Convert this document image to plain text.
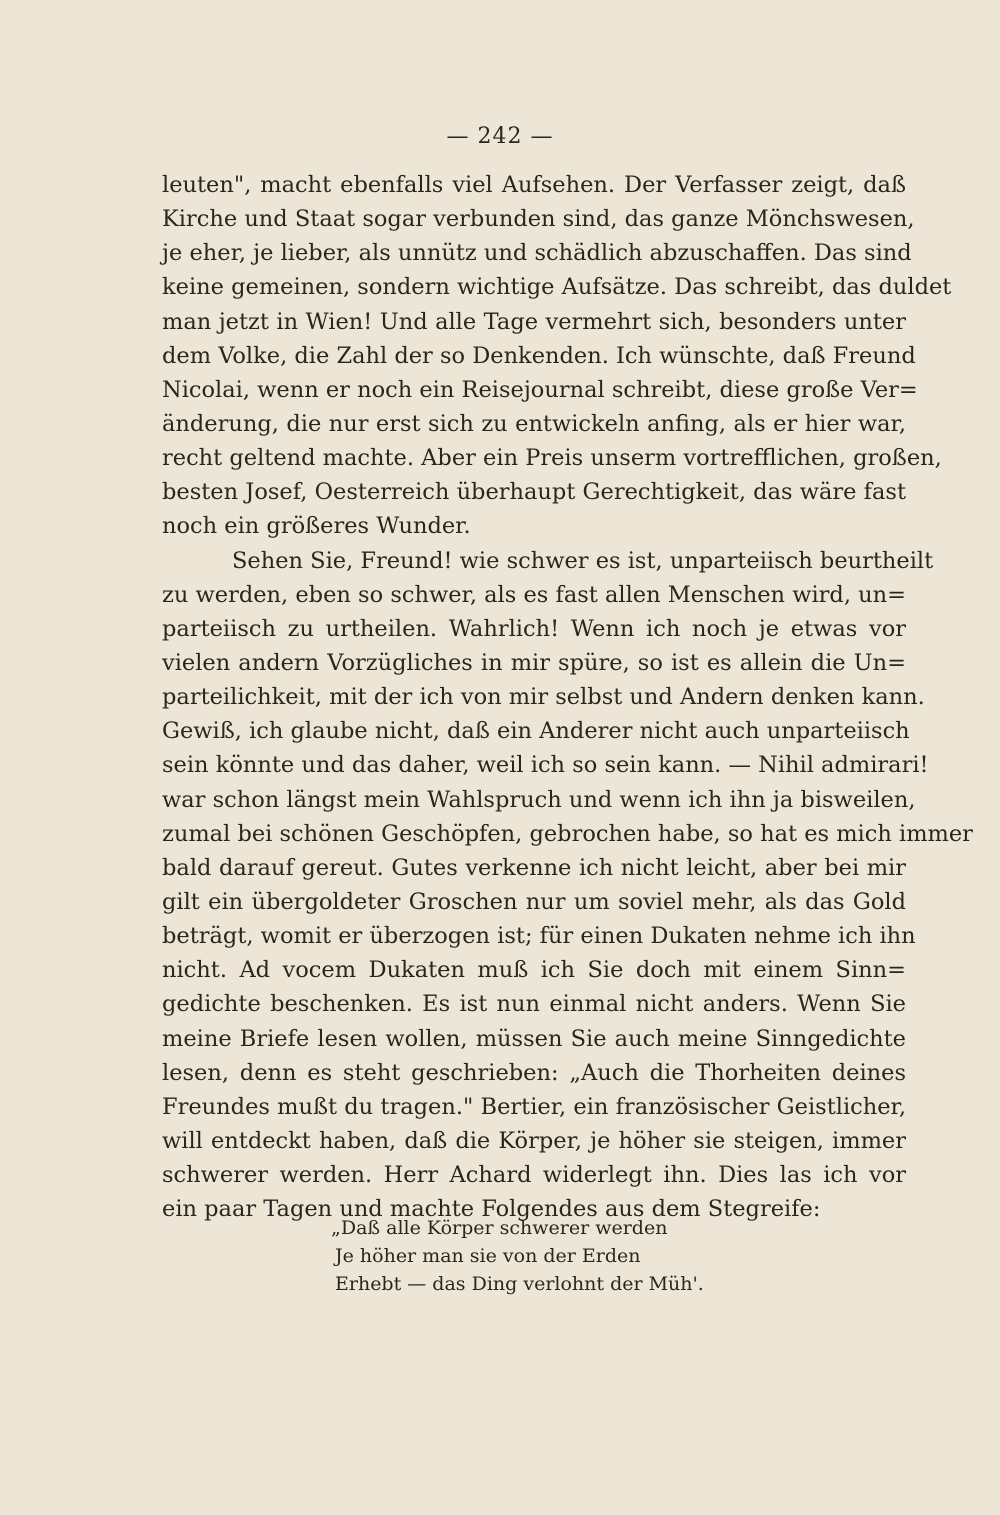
— 242 —
leuten", macht ebenfalls viel Aufsehen. Der Verfasser zeigt, daß
Kirche und Staat sogar verbunden sind, das ganze Mönchswesen,
je eher, je lieber, als unnütz und schädlich abzuschaffen. Das sind
keine gemeinen, sondern wichtige Aufsätze. Das schreibt, das duldet
man jetzt in Wien! Und alle Tage vermehrt sich, besonders unter
dem Volke, die Zahl der so Denkenden. Ich wünschte, daß Freund
Nicolai, wenn er noch ein Reisejournal schreibt, diese große Ver=
änderung, die nur erst sich zu entwickeln anfing, als er hier war,
recht geltend machte. Aber ein Preis unserm vortrefflichen, großen,
besten Josef, Oesterreich überhaupt Gerechtigkeit, das wäre fast
noch ein größeres Wunder.
Sehen Sie, Freund! wie schwer es ist, unparteiisch beurtheilt
zu werden, eben so schwer, als es fast allen Menschen wird, un=
parteiisch zu urtheilen. Wahrlich! Wenn ich noch je etwas vor
vielen andern Vorzügliches in mir spüre, so ist es allein die Un=
parteilichkeit, mit der ich von mir selbst und Andern denken kann.
Gewiß, ich glaube nicht, daß ein Anderer nicht auch unparteiisch
sein könnte und das daher, weil ich so sein kann. — Nihil admirari!
war schon längst mein Wahlspruch und wenn ich ihn ja bisweilen,
zumal bei schönen Geschöpfen, gebrochen habe, so hat es mich immer
bald darauf gereut. Gutes verkenne ich nicht leicht, aber bei mir
gilt ein übergoldeter Groschen nur um soviel mehr, als das Gold
beträgt, womit er überzogen ist; für einen Dukaten nehme ich ihn
nicht. Ad vocem Dukaten muß ich Sie doch mit einem Sinn=
gedichte beschenken. Es ist nun einmal nicht anders. Wenn Sie
meine Briefe lesen wollen, müssen Sie auch meine Sinngedichte
lesen, denn es steht geschrieben: „Auch die Thorheiten deines
Freundes mußt du tragen." Bertier, ein französischer Geistlicher,
will entdeckt haben, daß die Körper, je höher sie steigen, immer
schwerer werden. Herr Achard widerlegt ihn. Dies las ich vor
ein paar Tagen und machte Folgendes aus dem Stegreife:
„Daß alle Körper schwerer werden
Je höher man sie von der Erden
Erhebt — das Ding verlohnt der Müh'.
